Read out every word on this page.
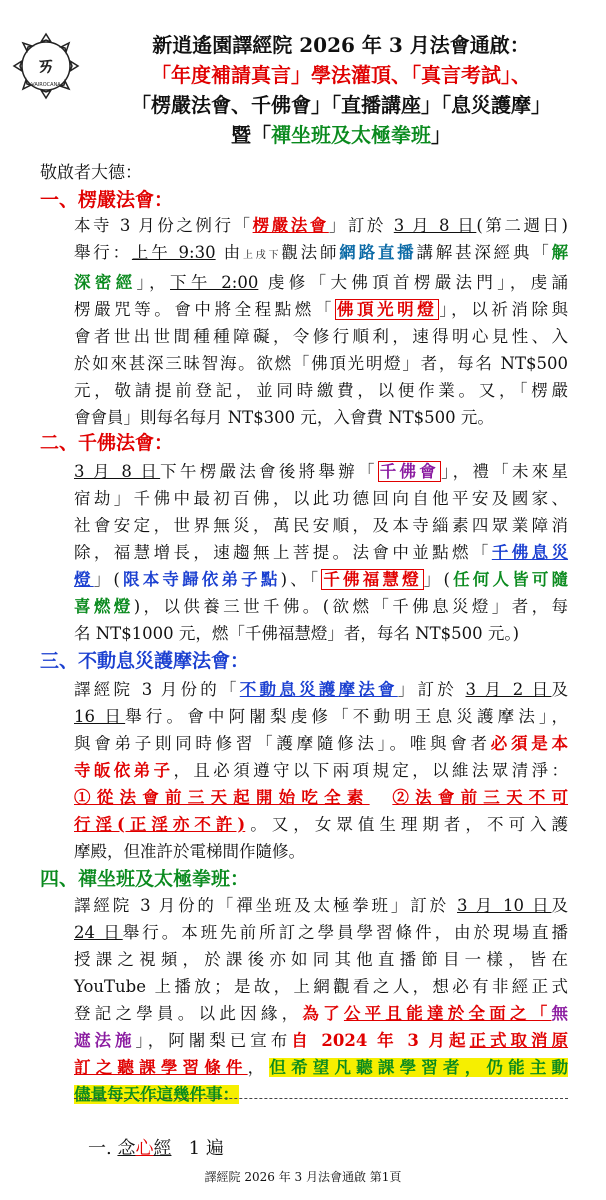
ㄞ
VAIROCANA
新逍遙園譯經院 2026 年 3 月法會通啟：
「年度補請真言」學法灌頂、「真言考試」、
「楞嚴法會、千佛會」「直播講座」「息災護摩」
暨「禪坐班及太極拳班」
敬啟者大德：
一、楞嚴法會：
本寺 3 月份之例行「楞嚴法會」訂於 3 月 8 日(第二週日)
舉行：上午 9:30 由上戌下觀法師網路直播講解甚深經典「解
深密經」，下午 2:00 虔修「大佛頂首楞嚴法門」，虔誦
楞嚴咒等。會中將全程點燃「 佛頂光明燈 」，以祈消除與
會者世出世間種種障礙，令修行順利，速得明心見性、入
於如來甚深三昧智海。欲燃「佛頂光明燈」者，每名 NT$500
元，敬請提前登記，並同時繳費，以便作業。又，「楞嚴
會會員」則每名每月 NT$300 元，入會費 NT$500 元。
二、千佛法會：
3 月 8 日下午楞嚴法會後將舉辦「 千佛會 」，禮「未來星
宿劫」千佛中最初百佛，以此功德回向自他平安及國家、
社會安定，世界無災，萬民安順，及本寺緇素四眾業障消
除，福慧增長，速趨無上菩提。法會中並點燃「千佛息災
燈」(限本寺歸依弟子點)、「 千佛福慧燈 」(任何人皆可隨
喜燃燈)，以供養三世千佛。(欲燃「千佛息災燈」者，每
名 NT$1000 元，燃「千佛福慧燈」者，每名 NT$500 元。)
三、不動息災護摩法會：
譯經院 3 月份的「不動息災護摩法會」訂於 3 月 2 日及
16 日舉行。會中阿闍梨虔修「不動明王息災護摩法」，
與會弟子則同時修習「護摩隨修法」。唯與會者必須是本
寺皈依弟子，且必須遵守以下兩項規定，以維法眾清淨：
①從法會前三天起開始吃全素　 ②法會前三天不可
行淫(正淫亦不許)。又，女眾值生理期者，不可入護
摩殿，但准許於電梯間作隨修。
四、禪坐班及太極拳班：
譯經院 3 月份的「禪坐班及太極拳班」訂於 3 月 10 日及
24 日舉行。本班先前所訂之學員學習條件，由於現場直播
授課之視頻，於課後亦如同其他直播節目一樣，皆在
YouTube 上播放；是故，上網觀看之人，想必有非經正式
登記之學員。以此因緣，為了公平且能達於全面之「無
遮法施」，阿闍梨已宣布自 2024 年 3 月起正式取消原
訂之聽課學習條件，但希望凡聽課學習者，仍能主動
儘量每天作這幾件事：
一. 念心經 1 遍
譯經院 2026 年 3 月法會通啟 第1頁
